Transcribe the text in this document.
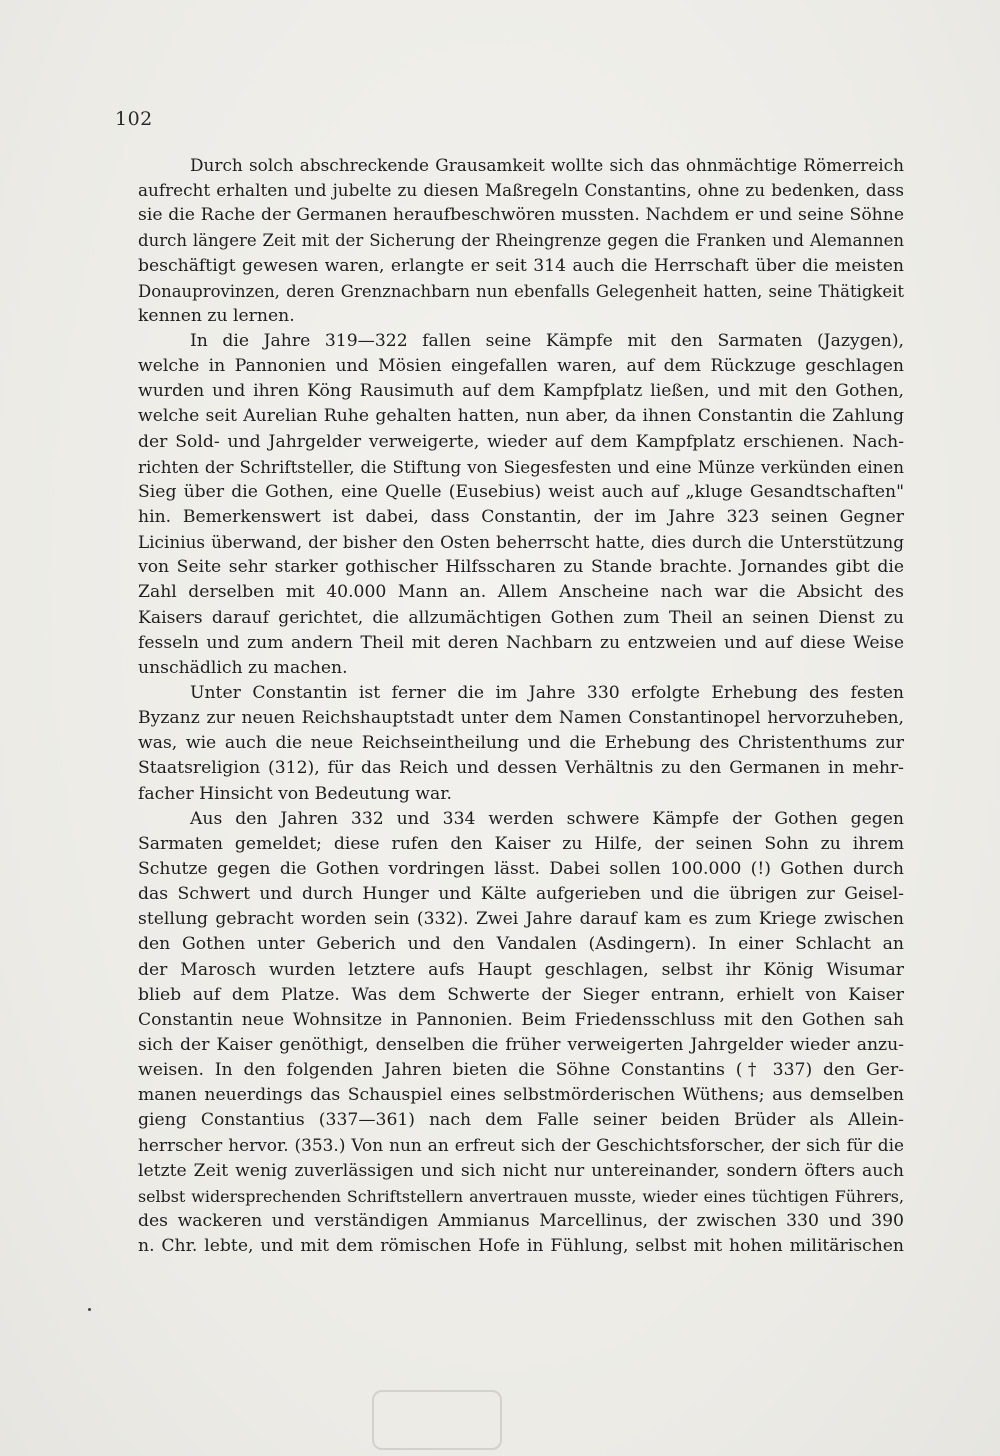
102
Durch solch abschreckende Grausamkeit wollte sich das ohnmächtige Römerreich
aufrecht erhalten und jubelte zu diesen Maßregeln Constantins, ohne zu bedenken, dass
sie die Rache der Germanen heraufbeschwören mussten. Nachdem er und seine Söhne
durch längere Zeit mit der Sicherung der Rheingrenze gegen die Franken und Alemannen
beschäftigt gewesen waren, erlangte er seit 314 auch die Herrschaft über die meisten
Donauprovinzen, deren Grenznachbarn nun ebenfalls Gelegenheit hatten, seine Thätigkeit
kennen zu lernen.
In die Jahre 319—322 fallen seine Kämpfe mit den Sarmaten (Jazygen),
welche in Pannonien und Mösien eingefallen waren, auf dem Rückzuge geschlagen
wurden und ihren Köng Rausimuth auf dem Kampfplatz ließen, und mit den Gothen,
welche seit Aurelian Ruhe gehalten hatten, nun aber, da ihnen Constantin die Zahlung
der Sold- und Jahrgelder verweigerte, wieder auf dem Kampfplatz erschienen. Nach-
richten der Schriftsteller, die Stiftung von Siegesfesten und eine Münze verkünden einen
Sieg über die Gothen, eine Quelle (Eusebius) weist auch auf „kluge Gesandtschaften"
hin. Bemerkenswert ist dabei, dass Constantin, der im Jahre 323 seinen Gegner
Licinius überwand, der bisher den Osten beherrscht hatte, dies durch die Unterstützung
von Seite sehr starker gothischer Hilfsscharen zu Stande brachte. Jornandes gibt die
Zahl derselben mit 40.000 Mann an. Allem Anscheine nach war die Absicht des
Kaisers darauf gerichtet, die allzumächtigen Gothen zum Theil an seinen Dienst zu
fesseln und zum andern Theil mit deren Nachbarn zu entzweien und auf diese Weise
unschädlich zu machen.
Unter Constantin ist ferner die im Jahre 330 erfolgte Erhebung des festen
Byzanz zur neuen Reichshauptstadt unter dem Namen Constantinopel hervorzuheben,
was, wie auch die neue Reichseintheilung und die Erhebung des Christenthums zur
Staatsreligion (312), für das Reich und dessen Verhältnis zu den Germanen in mehr-
facher Hinsicht von Bedeutung war.
Aus den Jahren 332 und 334 werden schwere Kämpfe der Gothen gegen
Sarmaten gemeldet; diese rufen den Kaiser zu Hilfe, der seinen Sohn zu ihrem
Schutze gegen die Gothen vordringen lässt. Dabei sollen 100.000 (!) Gothen durch
das Schwert und durch Hunger und Kälte aufgerieben und die übrigen zur Geisel-
stellung gebracht worden sein (332). Zwei Jahre darauf kam es zum Kriege zwischen
den Gothen unter Geberich und den Vandalen (Asdingern). In einer Schlacht an
der Marosch wurden letztere aufs Haupt geschlagen, selbst ihr König Wisumar
blieb auf dem Platze. Was dem Schwerte der Sieger entrann, erhielt von Kaiser
Constantin neue Wohnsitze in Pannonien. Beim Friedensschluss mit den Gothen sah
sich der Kaiser genöthigt, denselben die früher verweigerten Jahrgelder wieder anzu-
weisen. In den folgenden Jahren bieten die Söhne Constantins († 337) den Ger-
manen neuerdings das Schauspiel eines selbstmörderischen Wüthens; aus demselben
gieng Constantius (337—361) nach dem Falle seiner beiden Brüder als Allein-
herrscher hervor. (353.) Von nun an erfreut sich der Geschichtsforscher, der sich für die
letzte Zeit wenig zuverlässigen und sich nicht nur untereinander, sondern öfters auch
selbst widersprechenden Schriftstellern anvertrauen musste, wieder eines tüchtigen Führers,
des wackeren und verständigen Ammianus Marcellinus, der zwischen 330 und 390
n. Chr. lebte, und mit dem römischen Hofe in Fühlung, selbst mit hohen militärischen
